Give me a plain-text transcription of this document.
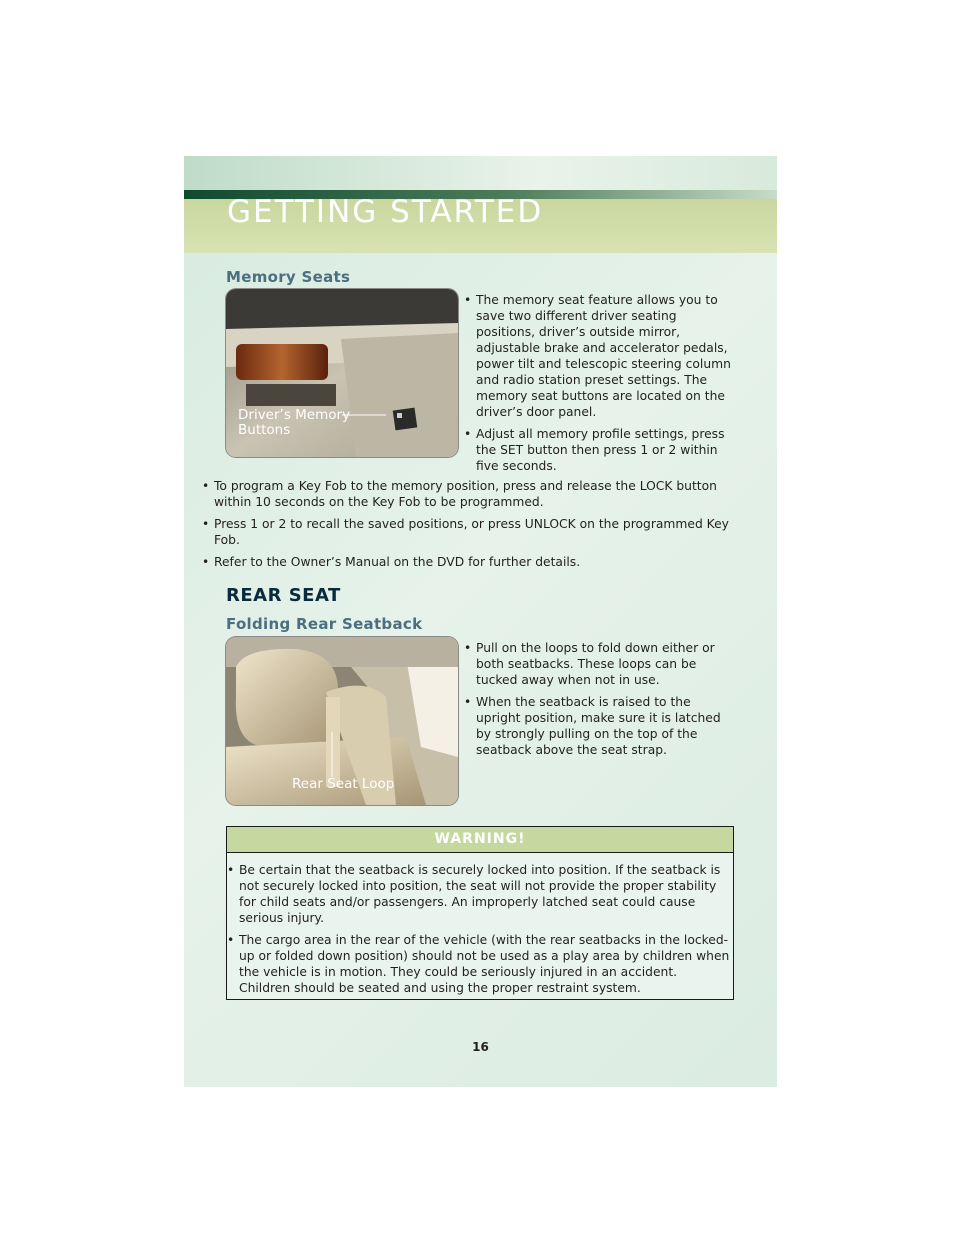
GETTING STARTED
Memory Seats
Driver’s Memory
Buttons
• The memory seat feature allows you to save two different driver seating positions, driver’s outside mirror, adjustable brake and accelerator pedals, power tilt and telescopic steering column and radio station preset settings. The memory seat buttons are located on the driver’s door panel.
• Adjust all memory profile settings, press the SET button then press 1 or 2 within five seconds.
• To program a Key Fob to the memory position, press and release the LOCK button within 10 seconds on the Key Fob to be programmed.
• Press 1 or 2 to recall the saved positions, or press UNLOCK on the programmed Key Fob.
• Refer to the Owner’s Manual on the DVD for further details.
REAR SEAT
Folding Rear Seatback
Rear Seat Loop
• Pull on the loops to fold down either or both seatbacks. These loops can be tucked away when not in use.
• When the seatback is raised to the upright position, make sure it is latched by strongly pulling on the top of the seatback above the seat strap.
WARNING!
• Be certain that the seatback is securely locked into position. If the seatback is not securely locked into position, the seat will not provide the proper stability for child seats and/or passengers. An improperly latched seat could cause serious injury.
• The cargo area in the rear of the vehicle (with the rear seatbacks in the locked-up or folded down position) should not be used as a play area by children when the vehicle is in motion. They could be seriously injured in an accident. Children should be seated and using the proper restraint system.
16
